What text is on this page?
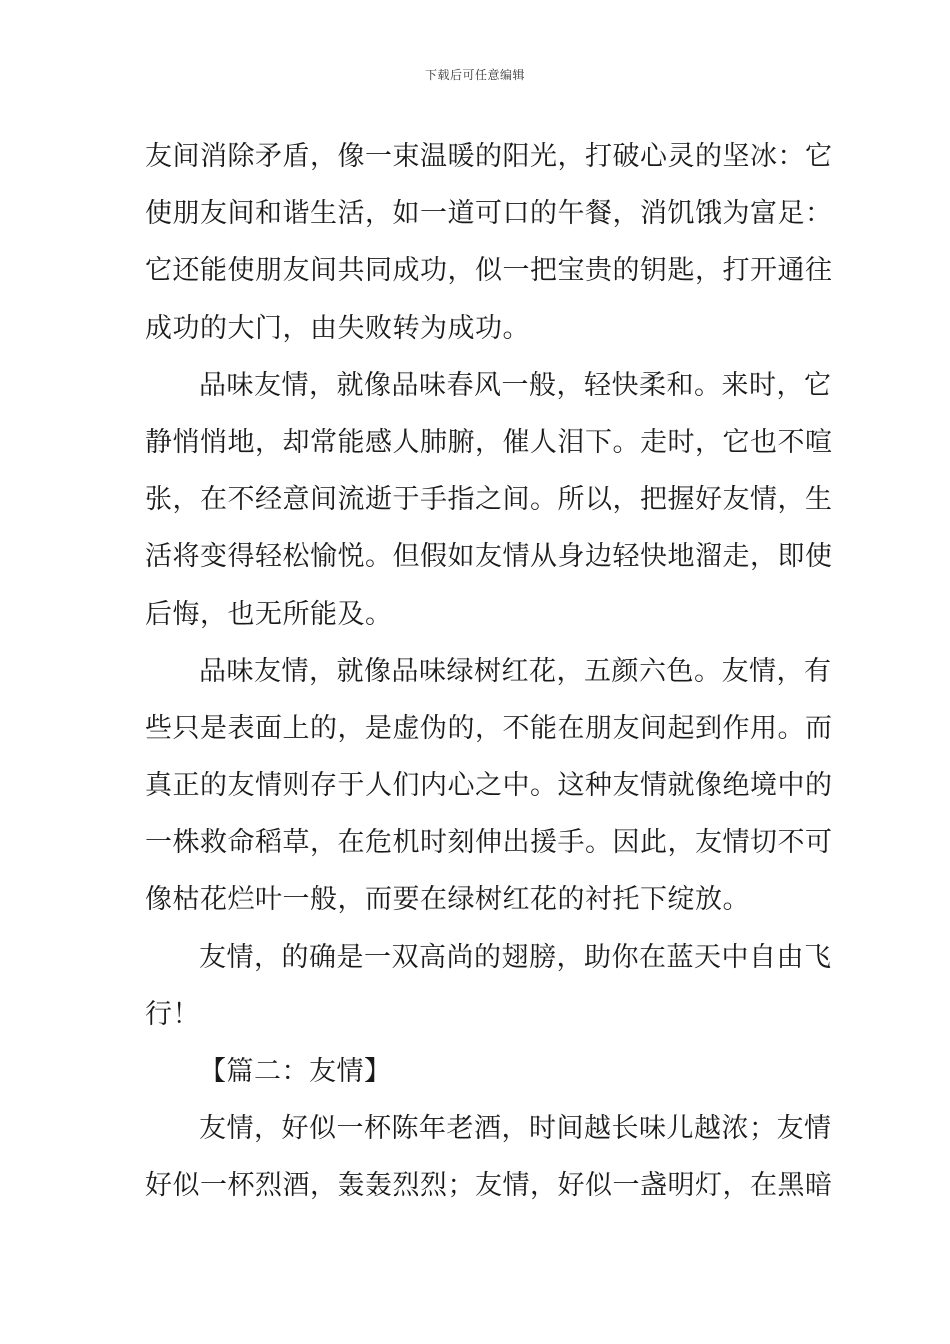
下载后可任意编辑
友间消除矛盾，像一束温暖的阳光，打破心灵的坚冰：它
使朋友间和谐生活，如一道可口的午餐，消饥饿为富足：
它还能使朋友间共同成功，似一把宝贵的钥匙，打开通往
成功的大门，由失败转为成功。
品味友情，就像品味春风一般，轻快柔和。来时，它
静悄悄地，却常能感人肺腑，催人泪下。走时，它也不喧
张，在不经意间流逝于手指之间。所以，把握好友情，生
活将变得轻松愉悦。但假如友情从身边轻快地溜走，即使
后悔，也无所能及。
品味友情，就像品味绿树红花，五颜六色。友情，有
些只是表面上的，是虚伪的，不能在朋友间起到作用。而
真正的友情则存于人们内心之中。这种友情就像绝境中的
一株救命稻草，在危机时刻伸出援手。因此，友情切不可
像枯花烂叶一般，而要在绿树红花的衬托下绽放。
友情，的确是一双高尚的翅膀，助你在蓝天中自由飞
行！
【篇二：友情】
友情，好似一杯陈年老酒，时间越长味儿越浓；友情
好似一杯烈酒，轰轰烈烈；友情，好似一盏明灯，在黑暗
